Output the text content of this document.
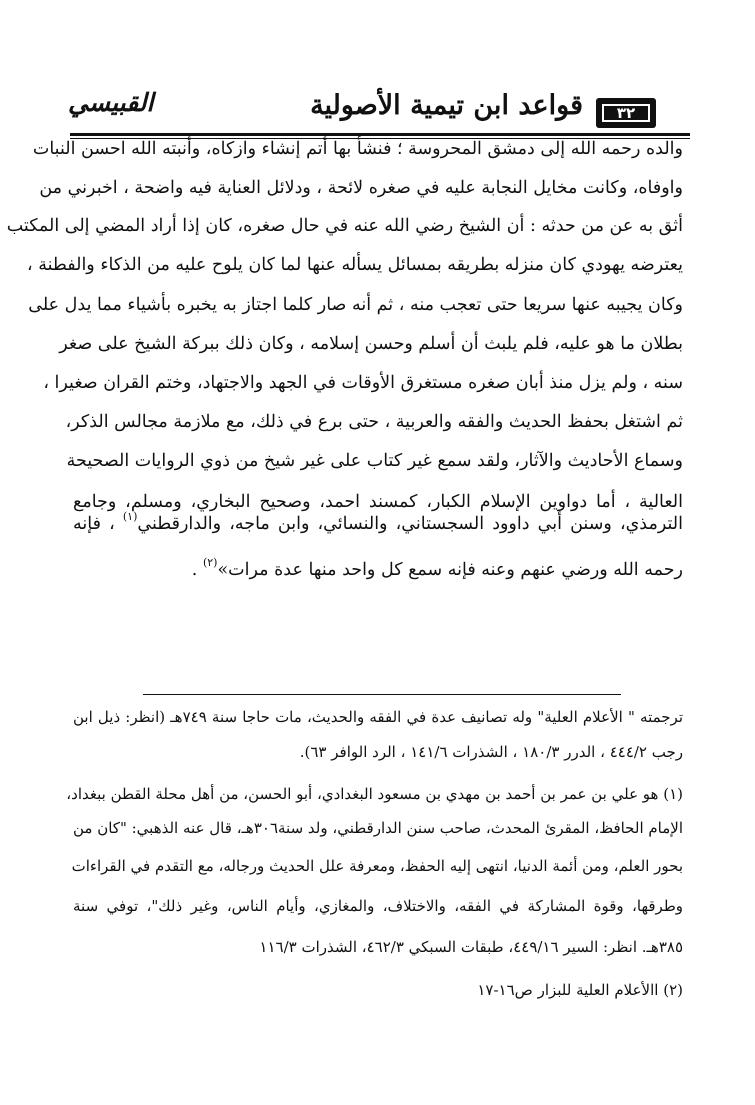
٣٢
قواعد ابن تيمية الأصولية
القبيسي
والده رحمه الله إلى دمشق المحروسة ؛ فنشأ بها أتم إنشاء وازكاه، وأنبته الله احسن النبات
واوفاه، وكانت مخايل النجابة عليه في صغره لائحة ، ودلائل العناية فيه واضحة ، اخبرني من
أثق به عن من حدثه : أن الشيخ رضي الله عنه في حال صغره، كان إذا أراد المضي إلى المكتب
يعترضه يهودي كان منزله بطريقه بمسائل يسأله عنها لما كان يلوح عليه من الذكاء والفطنة ،
وكان يجيبه عنها سريعا حتى تعجب منه ، ثم أنه صار كلما اجتاز به يخبره بأشياء مما يدل على
بطلان ما هو عليه، فلم يلبث أن أسلم وحسن إسلامه ، وكان ذلك ببركة الشيخ على صغر
سنه ، ولم يزل منذ أبان صغره مستغرق الأوقات في الجهد والاجتهاد، وختم القران صغيرا ،
ثم اشتغل بحفظ الحديث والفقه والعربية ، حتى برع في ذلك، مع ملازمة مجالس الذكر،
وسماع الأحاديث والآثار، ولقد سمع غير كتاب على غير شيخ من ذوي الروايات الصحيحة
العالية ، أما دواوين الإسلام الكبار، كمسند احمد، وصحيح البخاري، ومسلم، وجامع
الترمذي، وسنن أبي داوود السجستاني، والنسائي، وابن ماجه، والدارقطني$^{(١)}$ ، فإنه
رحمه الله ورضي عنهم وعنه فإنه سمع كل واحد منها عدة مرات»$^{(٢)}$ .
ترجمته " الأعلام العلية" وله تصانيف عدة في الفقه والحديث، مات حاجا سنة ٧٤٩هـ (انظر: ذيل ابن
رجب ٤٤٤/٢ ، الدرر ١٨٠/٣ ، الشذرات ١٤١/٦ ، الرد الوافر ٦٣).
(١) هو علي بن عمر بن أحمد بن مهدي بن مسعود البغدادي، أبو الحسن، من أهل محلة القطن ببغداد،
الإمام الحافظ، المقرئ المحدث، صاحب سنن الدارقطني، ولد سنة٣٠٦هـ، قال عنه الذهبي: "كان من
بحور العلم، ومن أئمة الدنيا، انتهى إليه الحفظ، ومعرفة علل الحديث ورجاله، مع التقدم في القراءات
وطرقها، وقوة المشاركة في الفقه، والاختلاف، والمغازي، وأيام الناس، وغير ذلك"، توفي سنة
٣٨٥هـ. انظر: السير ٤٤٩/١٦، طبقات السبكي ٤٦٢/٣، الشذرات ١١٦/٣
(٢) االأعلام العلية للبزار ص١٦-١٧
